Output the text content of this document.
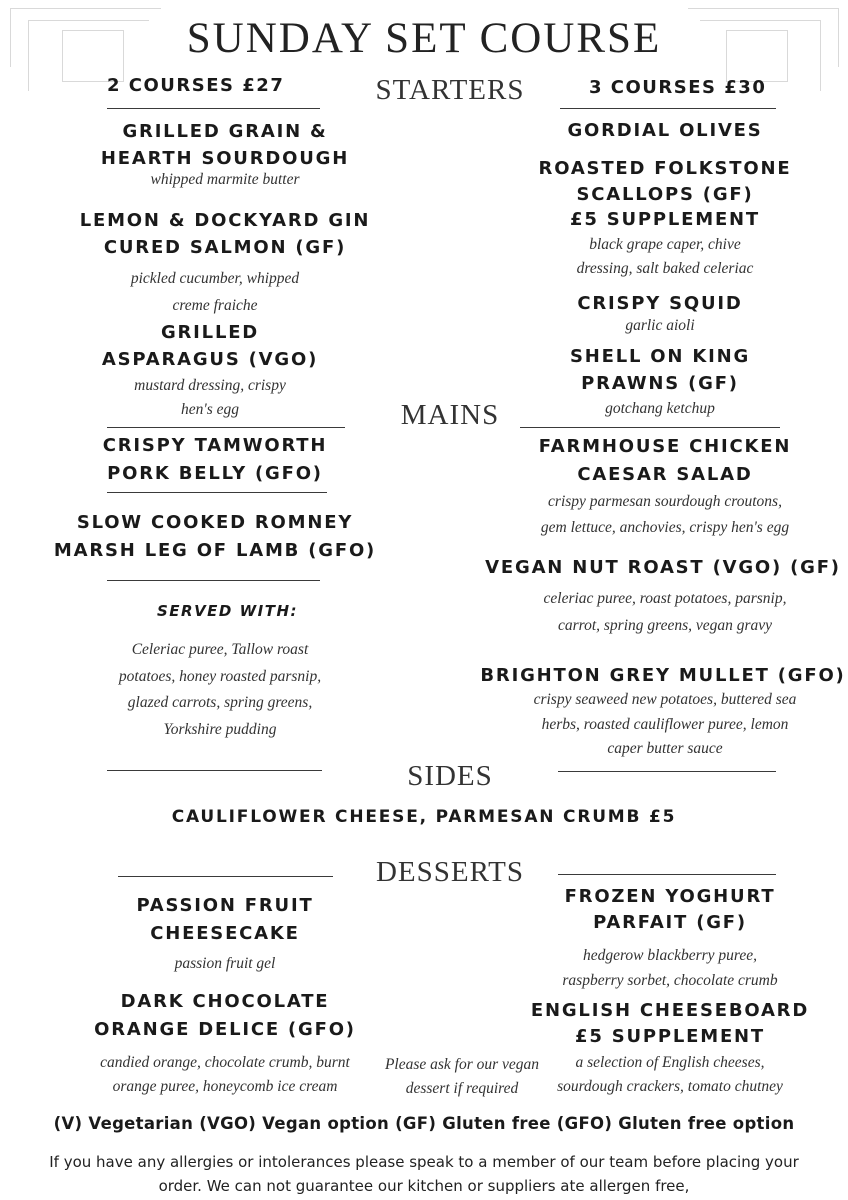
SUNDAY SET COURSE
2 COURSES £27	3 COURSES £30
STARTERS
GRILLED GRAIN &
HEARTH SOURDOUGH
whipped marmite butter
LEMON & DOCKYARD GIN
CURED SALMON (GF)
pickled cucumber, whipped
creme fraiche
GRILLED
ASPARAGUS (VGO)
mustard dressing, crispy
hen's egg
GORDIAL OLIVES
ROASTED FOLKSTONE
SCALLOPS (GF)
£5 SUPPLEMENT
black grape caper, chive
dressing, salt baked celeriac
CRISPY SQUID
garlic aioli
SHELL ON KING
PRAWNS (GF)
gotchang ketchup
MAINS
CRISPY TAMWORTH
PORK BELLY (GFO)
SLOW COOKED ROMNEY
MARSH LEG OF LAMB (GFO)
SERVED WITH:
Celeriac puree, Tallow roast
potatoes, honey roasted parsnip,
glazed carrots, spring greens,
Yorkshire pudding
FARMHOUSE CHICKEN
CAESAR SALAD
crispy parmesan sourdough croutons,
gem lettuce, anchovies, crispy hen's egg
VEGAN NUT ROAST (VGO) (GF)
celeriac puree, roast potatoes, parsnip,
carrot, spring greens, vegan gravy
BRIGHTON GREY MULLET (GFO)
crispy seaweed new potatoes, buttered sea
herbs, roasted cauliflower puree, lemon
caper butter sauce
SIDES
CAULIFLOWER CHEESE, PARMESAN CRUMB £5
DESSERTS
PASSION FRUIT
CHEESECAKE
passion fruit gel
DARK CHOCOLATE
ORANGE DELICE (GFO)
candied orange, chocolate crumb, burnt
orange puree, honeycomb ice cream
Please ask for our vegan
dessert if required
FROZEN YOGHURT
PARFAIT (GF)
hedgerow blackberry puree,
raspberry sorbet, chocolate crumb
ENGLISH CHEESEBOARD
£5 SUPPLEMENT
a selection of English cheeses,
sourdough crackers, tomato chutney
(V) Vegetarian (VGO) Vegan option (GF) Gluten free (GFO) Gluten free option
If you have any allergies or intolerances please speak to a member of our team before placing your
order. We can not guarantee our kitchen or suppliers ate allergen free,
